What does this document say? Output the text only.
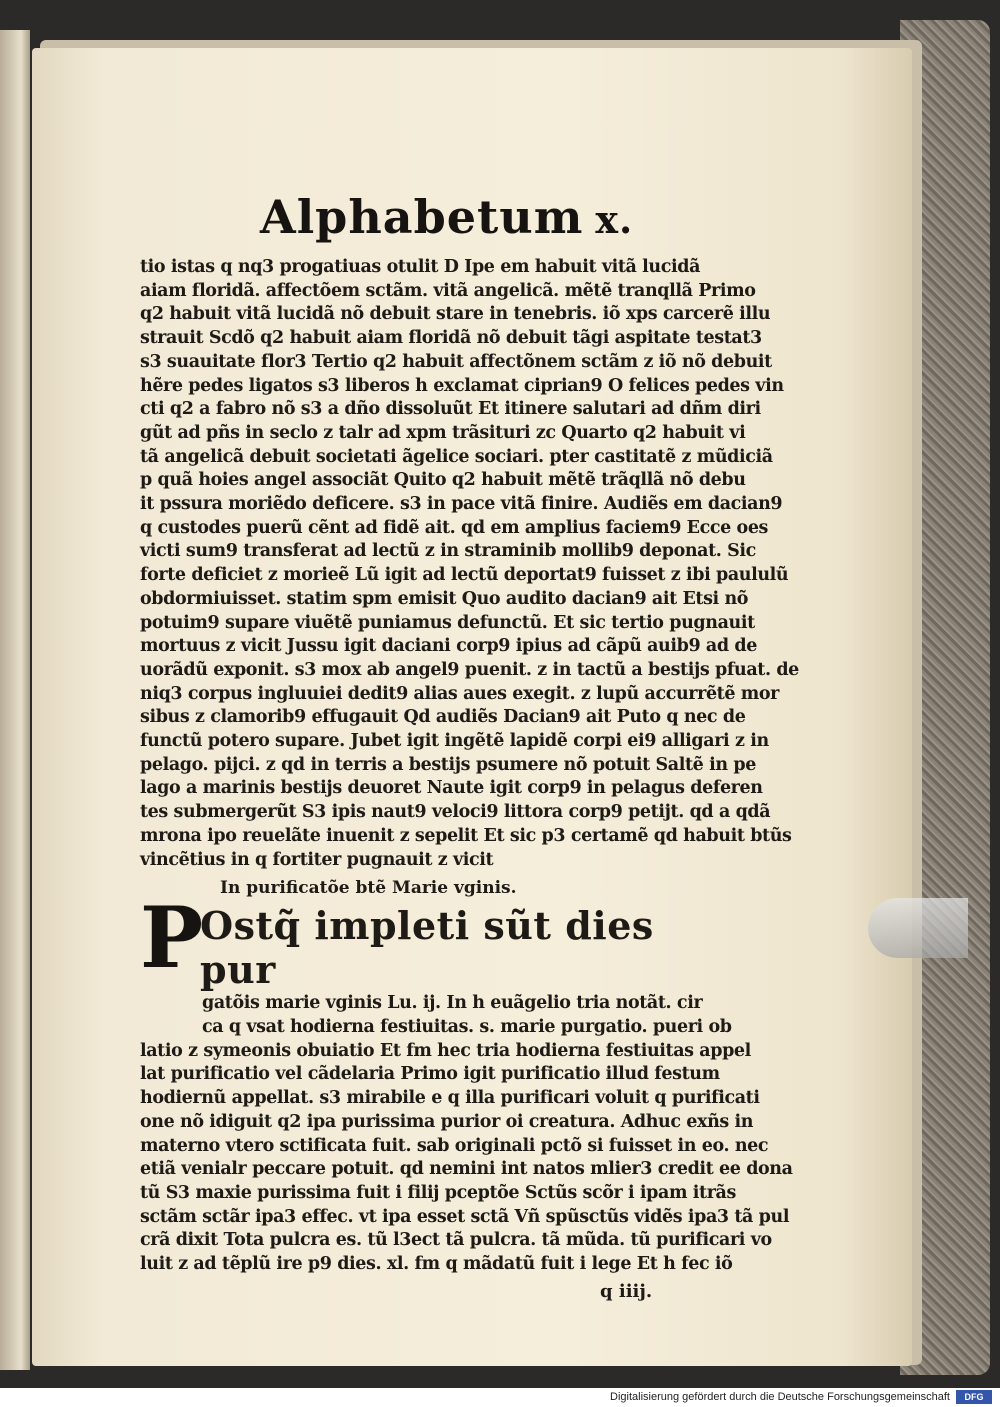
Alphabetum x.
tio istas q nq3 progatiuas otulit D Ipe em habuit vitã lucidã
aiam floridã. affectõem sctãm. vitã angelicã. mẽtẽ tranqllã Primo
q2 habuit vitã lucidã nõ debuit stare in tenebris. iõ xps carcerẽ illu
strauit Scdõ q2 habuit aiam floridã nõ debuit tãgi aspitate testat3
s3 suauitate flor3 Tertio q2 habuit affectõnem sctãm z iõ nõ debuit
hẽre pedes ligatos s3 liberos h exclamat ciprian9 O felices pedes vin
cti q2 a fabro nõ s3 a dño dissoluũt Et itinere salutari ad dñm diri
gũt ad pñs in seclo z talr ad xpm trãsituri zc Quarto q2 habuit vi
tã angelicã debuit societati ãgelice sociari. pter castitatẽ z mũdiciã
p quã hoies angel associãt Quito q2 habuit mẽtẽ trãqllã nõ debu
it pssura moriẽdo deficere. s3 in pace vitã finire. Audiẽs em dacian9
q custodes puerũ cẽnt ad fidẽ ait. qd em amplius faciem9 Ecce oes
victi sum9 transferat ad lectũ z in straminib mollib9 deponat. Sic
forte deficiet z morieẽ Lũ igit ad lectũ deportat9 fuisset z ibi paululũ
obdormiuisset. statim spm emisit Quo audito dacian9 ait Etsi nõ
potuim9 supare viuẽtẽ puniamus defunctũ. Et sic tertio pugnauit
mortuus z vicit Jussu igit daciani corp9 ipius ad cãpũ auib9 ad de
uorãdũ exponit. s3 mox ab angel9 puenit. z in tactũ a bestijs pfuat. de
niq3 corpus ingluuiei dedit9 alias aues exegit. z lupũ accurrẽtẽ mor
sibus z clamorib9 effugauit Qd audiẽs Dacian9 ait Puto q nec de
functũ potero supare. Jubet igit ingẽtẽ lapidẽ corpi ei9 alligari z in
pelago. pijci. z qd in terris a bestijs psumere nõ potuit Saltẽ in pe
lago a marinis bestijs deuoret Naute igit corp9 in pelagus deferen
tes submergerũt S3 ipis naut9 veloci9 littora corp9 petijt. qd a qdã
mrona ipo reuelãte inuenit z sepelit Et sic p3 certamẽ qd habuit btũs
vincẽtius in q fortiter pugnauit z vicit
In purificatõe btẽ Marie vginis.
P
Ostq̃ impleti sũt dies pur
gatõis marie vginis Lu. ij. In h euãgelio tria notãt. cir
ca q vsat hodierna festiuitas. s. marie purgatio. pueri ob
latio z symeonis obuiatio Et fm hec tria hodierna festiuitas appel
lat purificatio vel cãdelaria Primo igit purificatio illud festum
hodiernũ appellat. s3 mirabile e q illa purificari voluit q purificati
one nõ idiguit q2 ipa purissima purior oi creatura. Adhuc exñs in
materno vtero sctificata fuit. sab originali pctõ si fuisset in eo. nec
etiã venialr peccare potuit. qd nemini int natos mlier3 credit ee dona
tũ S3 maxie purissima fuit i filij pceptõe Sctũs scõr i ipam itrãs
sctãm sctãr ipa3 effec. vt ipa esset sctã Vñ spũsctũs vidẽs ipa3 tã pul
crã dixit Tota pulcra es. tũ l3ect tã pulcra. tã mũda. tũ purificari vo
luit z ad tẽplũ ire p9 dies. xl. fm q mãdatũ fuit i lege Et h fec iõ
q iiij.
Digitalisierung gefördert durch die Deutsche Forschungsgemeinschaft	DFG
